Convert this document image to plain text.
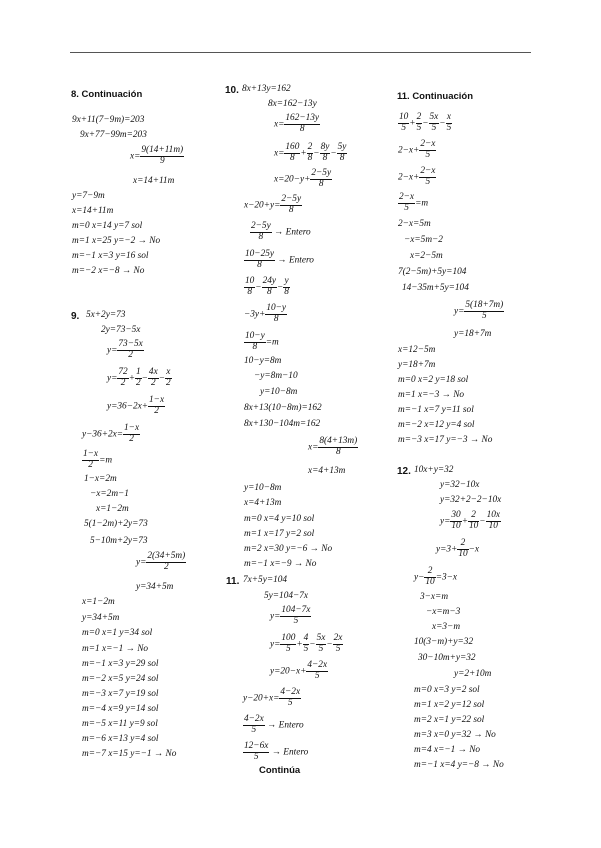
8. Continuación
9x+11(7−9m)=203
9x+77−99m=203
$x= \frac{9(14+11m)}{9}$
x=14+11m
y=7−9m
x=14+11m
m=0 x=14 y=7 sol
m=1 x=25 y=−2 → No
m=−1 x=3 y=16 sol
m=−2 x=−8 → No
9. 5x+2y=73
2y=73−5x
$y= \frac{73-5x}{2}$
$y= \frac{72}{2} + \frac{1}{2} - \frac{4x}{2} - \frac{x}{2}$
$y=36-2x+ \frac{1-x}{2}$
$y-36+2x= \frac{1-x}{2}$
$\frac{1-x}{2} =m$
1−x=2m
−x=2m−1
x=1−2m
5(1−2m)+2y=73
5−10m+2y=73
$y= \frac{2(34+5m)}{2}$
y=34+5m
x=1−2m
y=34+5m
m=0 x=1 y=34 sol
m=1 x=−1 → No
m=−1 x=3 y=29 sol
m=−2 x=5 y=24 sol
m=−3 x=7 y=19 sol
m=−4 x=9 y=14 sol
m=−5 x=11 y=9 sol
m=−6 x=13 y=4 sol
m=−7 x=15 y=−1 → No
10. 8x+13y=162
8x=162−13y
$x= \frac{162-13y}{8}$
$x= \frac{160}{8} + \frac{2}{8} - \frac{8y}{8} - \frac{5y}{8}$
$x=20-y+ \frac{2-5y}{8}$
$x-20+y= \frac{2-5y}{8}$
$\frac{2-5y}{8}$ → Entero
$\frac{10-25y}{8}$ → Entero
$\frac{10}{8} - \frac{24y}{8} - \frac{y}{8}$
$-3y+ \frac{10-y}{8}$
$\frac{10-y}{8} =m$
10−y=8m
−y=8m−10
y=10−8m
8x+13(10−8m)=162
8x+130−104m=162
$x= \frac{8(4+13m)}{8}$
x=4+13m
y=10−8m
x=4+13m
m=0 x=4 y=10 sol
m=1 x=17 y=2 sol
m=2 x=30 y=−6 → No
m=−1 x=−9 → No
11. 7x+5y=104
5y=104−7x
$y= \frac{104-7x}{5}$
$y= \frac{100}{5} + \frac{4}{5} - \frac{5x}{5} - \frac{2x}{5}$
$y=20-x+ \frac{4-2x}{5}$
$y-20+x= \frac{4-2x}{5}$
$\frac{4-2x}{5}$ → Entero
$\frac{12-6x}{5}$ → Entero
Continúa
11. Continuación
$\frac{10}{5} + \frac{2}{5} - \frac{5x}{5} - \frac{x}{5}$
$2-x+ \frac{2-x}{5}$
$2-x+ \frac{2-x}{5}$
$\frac{2-x}{5} =m$
2−x=5m
−x=5m−2
x=2−5m
7(2−5m)+5y=104
14−35m+5y=104
$y= \frac{5(18+7m)}{5}$
y=18+7m
x=12−5m
y=18+7m
m=0 x=2 y=18 sol
m=1 x=−3 → No
m=−1 x=7 y=11 sol
m=−2 x=12 y=4 sol
m=−3 x=17 y=−3 → No
12. 10x+y=32
y=32−10x
y=32+2−2−10x
$y= \frac{30}{10} + \frac{2}{10} - \frac{10x}{10}$
$y=3+ \frac{2}{10} -x$
$y- \frac{2}{10} =3-x$
3−x=m
−x=m−3
x=3−m
10(3−m)+y=32
30−10m+y=32
y=2+10m
m=0 x=3 y=2 sol
m=1 x=2 y=12 sol
m=2 x=1 y=22 sol
m=3 x=0 y=32 → No
m=4 x=−1 → No
m=−1 x=4 y=−8 → No
